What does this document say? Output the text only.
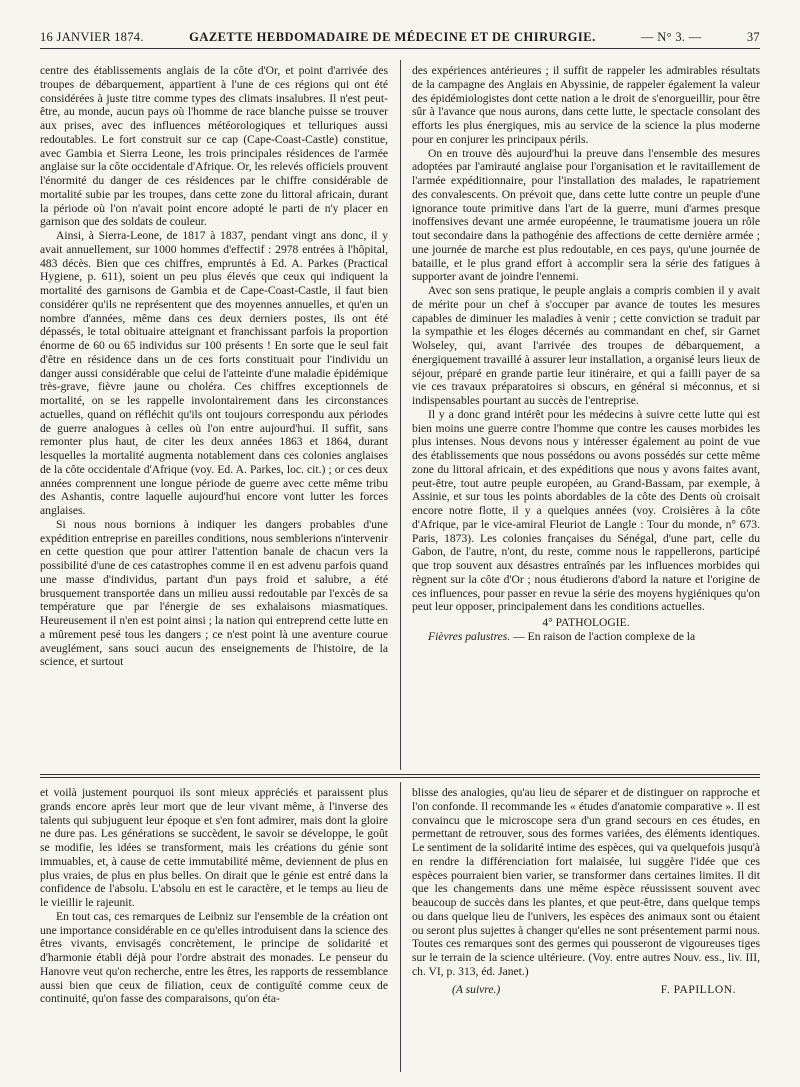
16 JANVIER 1874.	GAZETTE HEBDOMADAIRE DE MÉDECINE ET DE CHIRURGIE.	— N° 3. —	37

centre des établissements anglais de la côte d'Or, et point d'arrivée des troupes de débarquement, appartient à l'une de ces régions qui ont été considérées à juste titre comme types des climats insalubres. Il n'est peut-être, au monde, aucun pays où l'homme de race blanche puisse se trouver aux prises, avec des influences météorologiques et telluriques aussi redoutables. Le fort construit sur ce cap (Cape-Coast-Castle) constitue, avec Gambia et Sierra Leone, les trois principales résidences de l'armée anglaise sur la côte occidentale d'Afrique. Or, les relevés officiels prouvent l'énormité du danger de ces résidences par le chiffre considérable de mortalité subie par les troupes, dans cette zone du littoral africain, durant la période où l'on n'avait point encore adopté le parti de n'y placer en garnison que des soldats de couleur.

Ainsi, à Sierra-Leone, de 1817 à 1837, pendant vingt ans donc, il y avait annuellement, sur 1000 hommes d'effectif : 2978 entrées à l'hôpital, 483 décès. Bien que ces chiffres, empruntés à Ed. A. Parkes (Practical Hygiene, p. 611), soient un peu plus élevés que ceux qui indiquent la mortalité des garnisons de Gambia et de Cape-Coast-Castle, il faut bien considérer qu'ils ne représentent que des moyennes annuelles, et qu'en un nombre d'années, même dans ces deux derniers postes, ils ont été dépassés, le total obituaire atteignant et franchissant parfois la proportion énorme de 60 ou 65 individus sur 100 présents ! En sorte que le seul fait d'être en résidence dans un de ces forts constituait pour l'individu un danger aussi considérable que celui de l'atteinte d'une maladie épidémique très-grave, fièvre jaune ou choléra. Ces chiffres exceptionnels de mortalité, on se les rappelle involontairement dans les circonstances actuelles, quand on réfléchit qu'ils ont toujours correspondu aux périodes de guerre analogues à celles où l'on entre aujourd'hui. Il suffit, sans remonter plus haut, de citer les deux années 1863 et 1864, durant lesquelles la mortalité augmenta notablement dans ces colonies anglaises de la côte occidentale d'Afrique (voy. Ed. A. Parkes, loc. cit.) ; or ces deux années comprennent une longue période de guerre avec cette même tribu des Ashantis, contre laquelle aujourd'hui encore vont lutter les forces anglaises.

Si nous nous bornions à indiquer les dangers probables d'une expédition entreprise en pareilles conditions, nous semblerions n'intervenir en cette question que pour attirer l'attention banale de chacun vers la possibilité d'une de ces catastrophes comme il en est advenu parfois quand une masse d'individus, partant d'un pays froid et salubre, a été brusquement transportée dans un milieu aussi redoutable par l'excès de sa température que par l'énergie de ses exhalaisons miasmatiques. Heureusement il n'en est point ainsi ; la nation qui entreprend cette lutte en a mûrement pesé tous les dangers ; ce n'est point là une aventure courue aveuglément, sans souci aucun des enseignements de l'histoire, de la science, et surtout

des expériences antérieures ; il suffit de rappeler les admirables résultats de la campagne des Anglais en Abyssinie, de rappeler également la valeur des épidémiologistes dont cette nation a le droit de s'enorgueillir, pour être sûr à l'avance que nous aurons, dans cette lutte, le spectacle consolant des efforts les plus énergiques, mis au service de la science la plus moderne pour en conjurer les principaux périls.

On en trouve dès aujourd'hui la preuve dans l'ensemble des mesures adoptées par l'amirauté anglaise pour l'organisation et le ravitaillement de l'armée expéditionnaire, pour l'installation des malades, le rapatriement des convalescents. On prévoit que, dans cette lutte contre un peuple d'une ignorance toute primitive dans l'art de la guerre, muni d'armes presque inoffensives devant une armée européenne, le traumatisme jouera un rôle tout secondaire dans la pathogénie des affections de cette dernière armée ; une journée de marche est plus redoutable, en ces pays, qu'une journée de bataille, et le plus grand effort à accomplir sera la série des fatigues à supporter avant de joindre l'ennemi.

Avec son sens pratique, le peuple anglais a compris combien il y avait de mérite pour un chef à s'occuper par avance de toutes les mesures capables de diminuer les maladies à venir ; cette conviction se traduit par la sympathie et les éloges décernés au commandant en chef, sir Garnet Wolseley, qui, avant l'arrivée des troupes de débarquement, a énergiquement travaillé à assurer leur installation, a organisé leurs lieux de séjour, préparé en grande partie leur itinéraire, et qui a failli payer de sa vie ces travaux préparatoires si obscurs, en général si méconnus, et si indispensables pourtant au succès de l'entreprise.

Il y a donc grand intérêt pour les médecins à suivre cette lutte qui est bien moins une guerre contre l'homme que contre les causes morbides les plus intenses. Nous devons nous y intéresser également au point de vue des établissements que nous possédons ou avons possédés sur cette même zone du littoral africain, et des expéditions que nous y avons faites avant, peut-être, tout autre peuple européen, au Grand-Bassam, par exemple, à Assinie, et sur tous les points abordables de la côte des Dents où croisait encore notre flotte, il y a quelques années (voy. Croisières à la côte d'Afrique, par le vice-amiral Fleuriot de Langle : Tour du monde, n° 673. Paris, 1873). Les colonies françaises du Sénégal, d'une part, celle du Gabon, de l'autre, n'ont, du reste, comme nous le rappellerons, participé que trop souvent aux désastres entraînés par les influences morbides qui règnent sur la côte d'Or ; nous étudierons d'abord la nature et l'origine de ces influences, pour passer en revue la série des moyens hygiéniques qu'on peut leur opposer, principalement dans les conditions actuelles.

4° PATHOLOGIE.

Fièvres palustres. — En raison de l'action complexe de la

et voilà justement pourquoi ils sont mieux appréciés et paraissent plus grands encore après leur mort que de leur vivant même, à l'inverse des talents qui subjuguent leur époque et s'en font admirer, mais dont la gloire ne dure pas. Les générations se succèdent, le savoir se développe, le goût se modifie, les idées se transforment, mais les créations du génie sont immuables, et, à cause de cette immutabilité même, deviennent de plus en plus vraies, de plus en plus belles. On dirait que le génie est entré dans la confidence de l'absolu. L'absolu en est le caractère, et le temps au lieu de le vieillir le rajeunit.

En tout cas, ces remarques de Leibniz sur l'ensemble de la création ont une importance considérable en ce qu'elles introduisent dans la science des êtres vivants, envisagés concrètement, le principe de solidarité et d'harmonie établi déjà pour l'ordre abstrait des monades. Le penseur du Hanovre veut qu'on recherche, entre les êtres, les rapports de ressemblance aussi bien que ceux de filiation, ceux de contiguïté comme ceux de continuité, qu'on fasse des comparaisons, qu'on éta-

blisse des analogies, qu'au lieu de séparer et de distinguer on rapproche et l'on confonde. Il recommande les « études d'anatomie comparative ». Il est convaincu que le microscope sera d'un grand secours en ces études, en permettant de retrouver, sous des formes variées, des éléments identiques. Le sentiment de la solidarité intime des espèces, qui va quelquefois jusqu'à en rendre la différenciation fort malaisée, lui suggère l'idée que ces espèces pourraient bien varier, se transformer dans certaines limites. Il dit que les changements dans une même espèce réussissent souvent avec beaucoup de succès dans les plantes, et que peut-être, dans quelque temps ou dans quelque lieu de l'univers, les espèces des animaux sont ou étaient ou seront plus sujettes à changer qu'elles ne sont présentement parmi nous. Toutes ces remarques sont des germes qui pousseront de vigoureuses tiges sur le terrain de la science ultérieure. (Voy. entre autres Nouv. ess., liv. III, ch. VI, p. 313, éd. Janet.)

(A suivre.)	F. PAPILLON.
